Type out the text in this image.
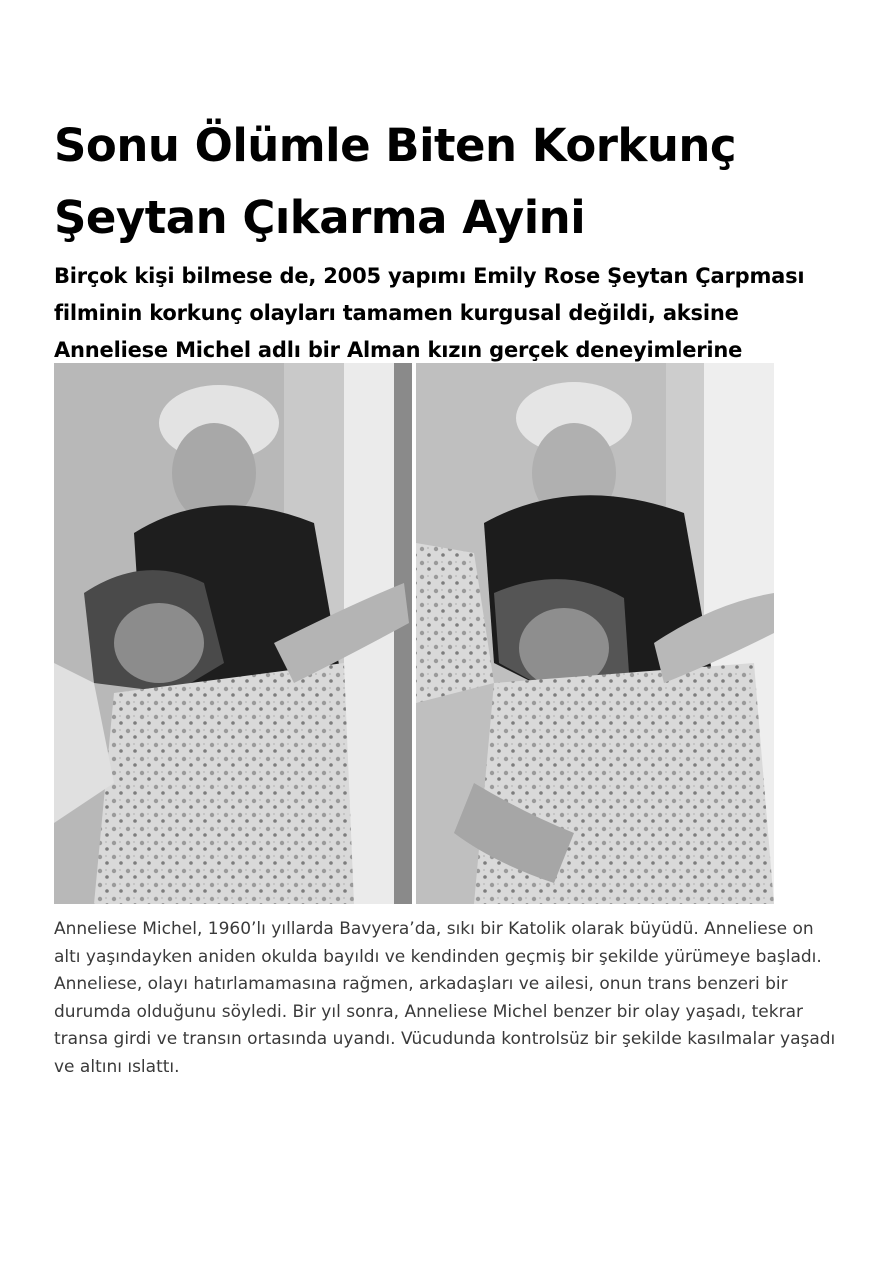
Sonu Ölümle Biten Korkunç Şeytan Çıkarma Ayini

Birçok kişi bilmese de, 2005 yapımı Emily Rose Şeytan Çarpması filminin korkunç olayları tamamen kurgusal değildi, aksine Anneliese Michel adlı bir Alman kızın gerçek deneyimlerine

Anneliese Michel, 1960’lı yıllarda Bavyera’da, sıkı bir Katolik olarak büyüdü. Anneliese on altı yaşındayken aniden okulda bayıldı ve kendinden geçmiş bir şekilde yürümeye başladı. Anneliese, olayı hatırlamamasına rağmen, arkadaşları ve ailesi, onun trans benzeri bir durumda olduğunu söyledi. Bir yıl sonra, Anneliese Michel benzer bir olay yaşadı, tekrar transa girdi ve transın ortasında uyandı. Vücudunda kontrolsüz bir şekilde kasılmalar yaşadı ve altını ıslattı.
